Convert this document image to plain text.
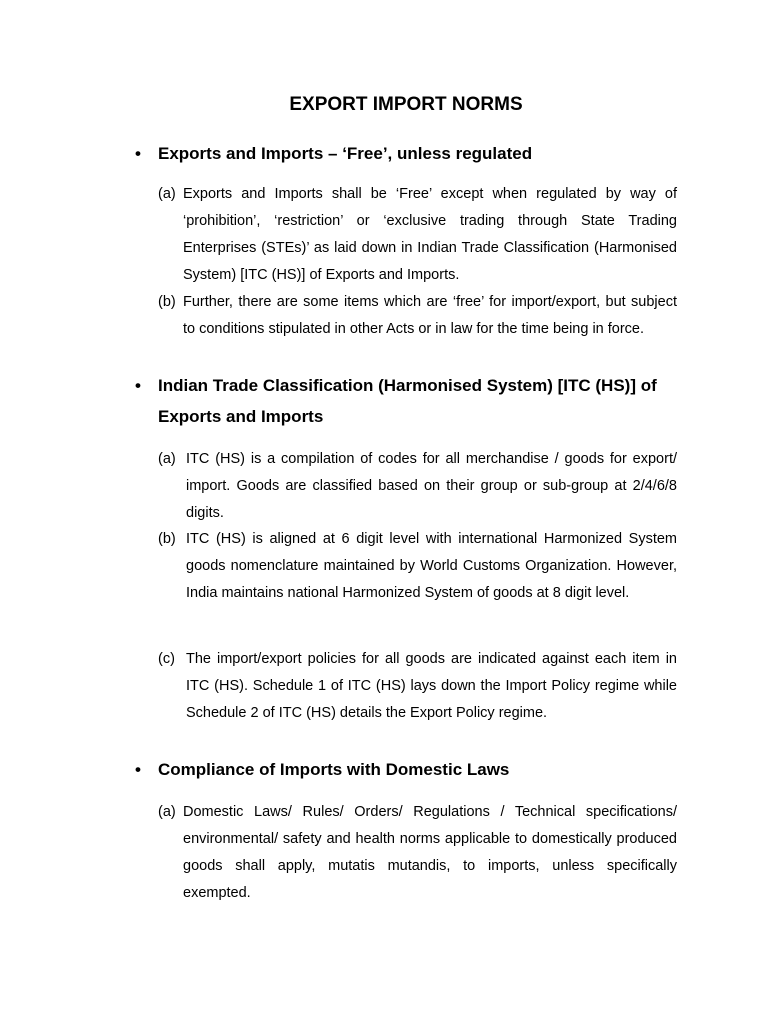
EXPORT IMPORT NORMS
• Exports and Imports – ‘Free’, unless regulated
(a) Exports and Imports shall be ‘Free’ except when regulated by way of ‘prohibition’, ‘restriction’ or ‘exclusive trading through State Trading Enterprises (STEs)’ as laid down in Indian Trade Classification (Harmonised System) [ITC (HS)] of Exports and Imports.
(b) Further, there are some items which are ‘free’ for import/export, but subject to conditions stipulated in other Acts or in law for the time being in force.
• Indian Trade Classification (Harmonised System) [ITC (HS)] of Exports and Imports
(a) ITC (HS) is a compilation of codes for all merchandise / goods for export/ import. Goods are classified based on their group or sub-group at 2/4/6/8 digits.
(b) ITC (HS) is aligned at 6 digit level with international Harmonized System goods nomenclature maintained by World Customs Organization. However, India maintains national Harmonized System of goods at 8 digit level.
(c) The import/export policies for all goods are indicated against each item in ITC (HS). Schedule 1 of ITC (HS) lays down the Import Policy regime while Schedule 2 of ITC (HS) details the Export Policy regime.
• Compliance of Imports with Domestic Laws
(a) Domestic Laws/ Rules/ Orders/ Regulations / Technical specifications/ environmental/ safety and health norms applicable to domestically produced goods shall apply, mutatis mutandis, to imports, unless specifically exempted.
